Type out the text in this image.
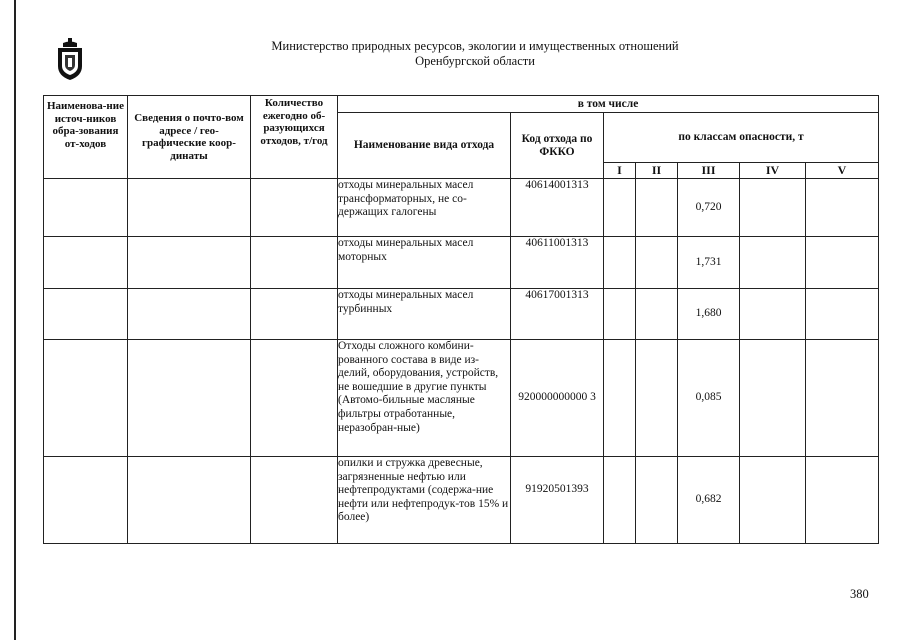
Министерство природных ресурсов, экологии и имущественных отношений
Оренбургской области
Наименова-ние источ-ников обра-зования от-ходов	Сведения о почто-вом адресе / гео-графические коор-динаты	Количество ежегодно об-разующихся отходов, т/год	в том числе						
			Наименование вида отхода	Код отхода по ФККО	по классам опасности, т				
					I	II	III	IV	V
			отходы минеральных масел трансформаторных, не со-держащих галогены	40614001313			0,720		
			отходы минеральных масел моторных	40611001313			1,731		
			отходы минеральных масел турбинных	40617001313			1,680		
			Отходы сложного комбини-рованного состава в виде из-делий, оборудования, устройств, не вошедшие в другие пункты (Автомо-бильные масляные фильтры отработанные, неразобран-ные)	920000000000 3			0,085		
			опилки и стружка древесные, загрязненные нефтью или нефтепродуктами (содержа-ние нефти или нефтепродук-тов 15% и более)	91920501393			0,682		
380
